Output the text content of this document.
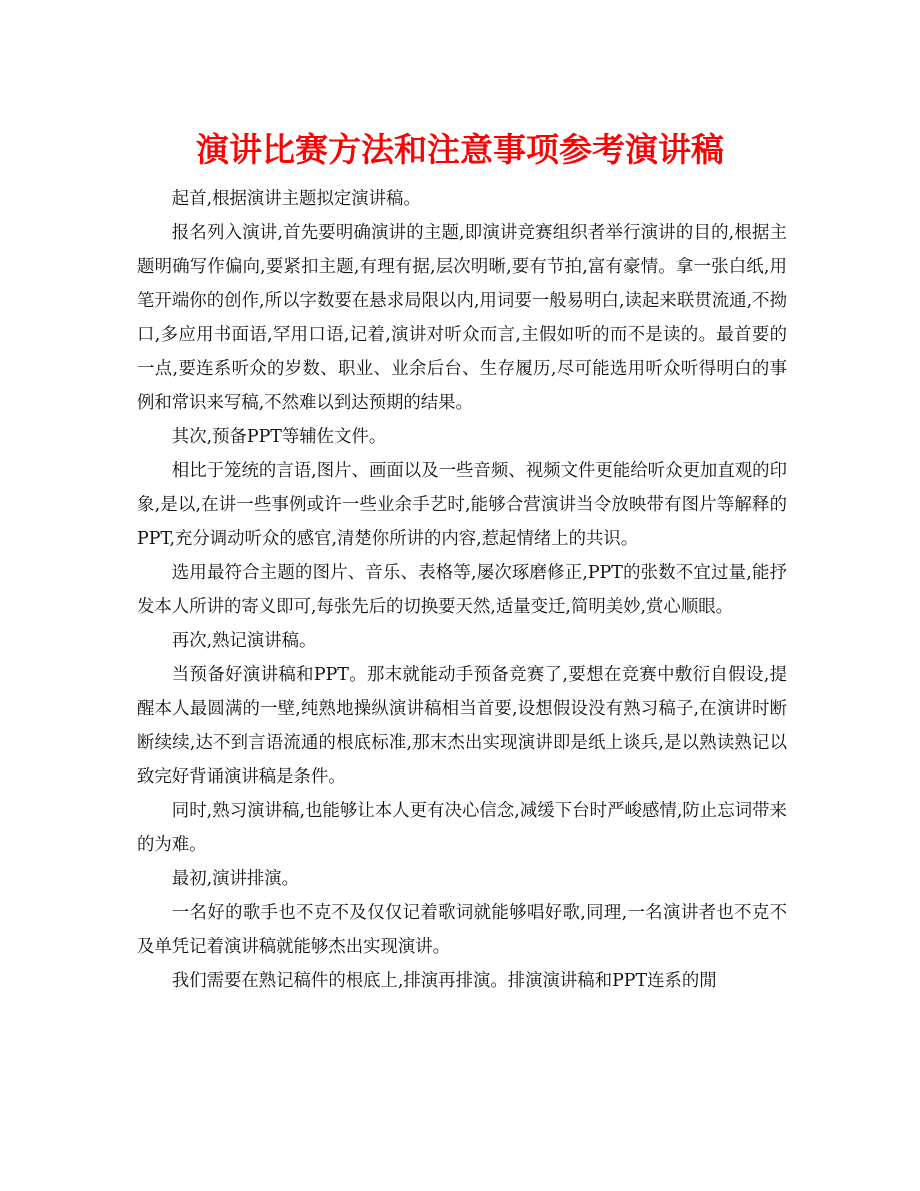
演讲比赛方法和注意事项参考演讲稿

起首,根据演讲主题拟定演讲稿。

报名列入演讲,首先要明确演讲的主题,即演讲竞赛组织者举行演讲的目的,根据主题明确写作偏向,要紧扣主题,有理有据,层次明晰,要有节拍,富有豪情。拿一张白纸,用笔开端你的创作,所以字数要在悬求局限以内,用词要一般易明白,读起来联贯流通,不拗口,多应用书面语,罕用口语,记着,演讲对听众而言,主假如听的而不是读的。最首要的一点,要连系听众的岁数、职业、业余后台、生存履历,尽可能选用听众听得明白的事例和常识来写稿,不然难以到达预期的结果。

其次,预备PPT等辅佐文件。

相比于笼统的言语,图片、画面以及一些音频、视频文件更能给听众更加直观的印象,是以,在讲一些事例或许一些业余手艺时,能够合营演讲当令放映带有图片等解释的PPT,充分调动听众的感官,清楚你所讲的内容,惹起情绪上的共识。

选用最符合主题的图片、音乐、表格等,屡次琢磨修正,PPT的张数不宜过量,能抒发本人所讲的寄义即可,每张先后的切换要天然,适量变迁,简明美妙,赏心顺眼。

再次,熟记演讲稿。

当预备好演讲稿和PPT。那末就能动手预备竞赛了,要想在竞赛中敷衍自假设,提醒本人最圆满的一壁,纯熟地操纵演讲稿相当首要,设想假设没有熟习稿子,在演讲时断断续续,达不到言语流通的根底标准,那末杰出实现演讲即是纸上谈兵,是以熟读熟记以致完好背诵演讲稿是条件。

同时,熟习演讲稿,也能够让本人更有决心信念,减缓下台时严峻感情,防止忘词带来的为难。

最初,演讲排演。

一名好的歌手也不克不及仅仅记着歌词就能够唱好歌,同理,一名演讲者也不克不及单凭记着演讲稿就能够杰出实现演讲。

我们需要在熟记稿件的根底上,排演再排演。排演演讲稿和PPT连系的閒
